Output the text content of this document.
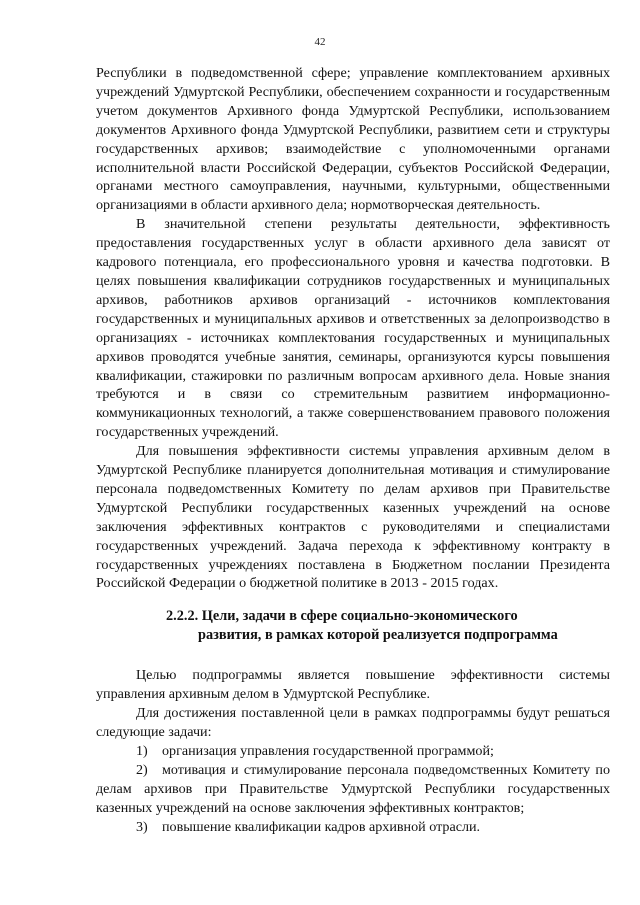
42

Республики в подведомственной сфере; управление комплектованием архивных учреждений Удмуртской Республики, обеспечением сохранности и государственным учетом документов Архивного фонда Удмуртской Республики, использованием документов Архивного фонда Удмуртской Республики, развитием сети и структуры государственных архивов; взаимодействие с уполномоченными органами исполнительной власти Российской Федерации, субъектов Российской Федерации, органами местного самоуправления, научными, культурными, общественными организациями в области архивного дела; нормотворческая деятельность.

В значительной степени результаты деятельности, эффективность предоставления государственных услуг в области архивного дела зависят от кадрового потенциала, его профессионального уровня и качества подготовки. В целях повышения квалификации сотрудников государственных и муниципальных архивов, работников архивов организаций - источников комплектования государственных и муниципальных архивов и ответственных за делопроизводство в организациях - источниках комплектования государственных и муниципальных архивов проводятся учебные занятия, семинары, организуются курсы повышения квалификации, стажировки по различным вопросам архивного дела. Новые знания требуются и в связи со стремительным развитием информационно-коммуникационных технологий, а также совершенствованием правового положения государственных учреждений.

Для повышения эффективности системы управления архивным делом в Удмуртской Республике планируется дополнительная мотивация и стимулирование персонала подведомственных Комитету по делам архивов при Правительстве Удмуртской Республики государственных казенных учреждений на основе заключения эффективных контрактов с руководителями и специалистами государственных учреждений. Задача перехода к эффективному контракту в государственных учреждениях поставлена в Бюджетном послании Президента Российской Федерации о бюджетной политике в 2013 - 2015 годах.

2.2.2. Цели, задачи в сфере социально-экономического
развития, в рамках которой реализуется подпрограмма

Целью подпрограммы является повышение эффективности системы управления архивным делом в Удмуртской Республике.

Для достижения поставленной цели в рамках подпрограммы будут решаться следующие задачи:

1) организация управления государственной программой;

2) мотивация и стимулирование персонала подведомственных Комитету по делам архивов при Правительстве Удмуртской Республики государственных казенных учреждений на основе заключения эффективных контрактов;

3) повышение квалификации кадров архивной отрасли.
